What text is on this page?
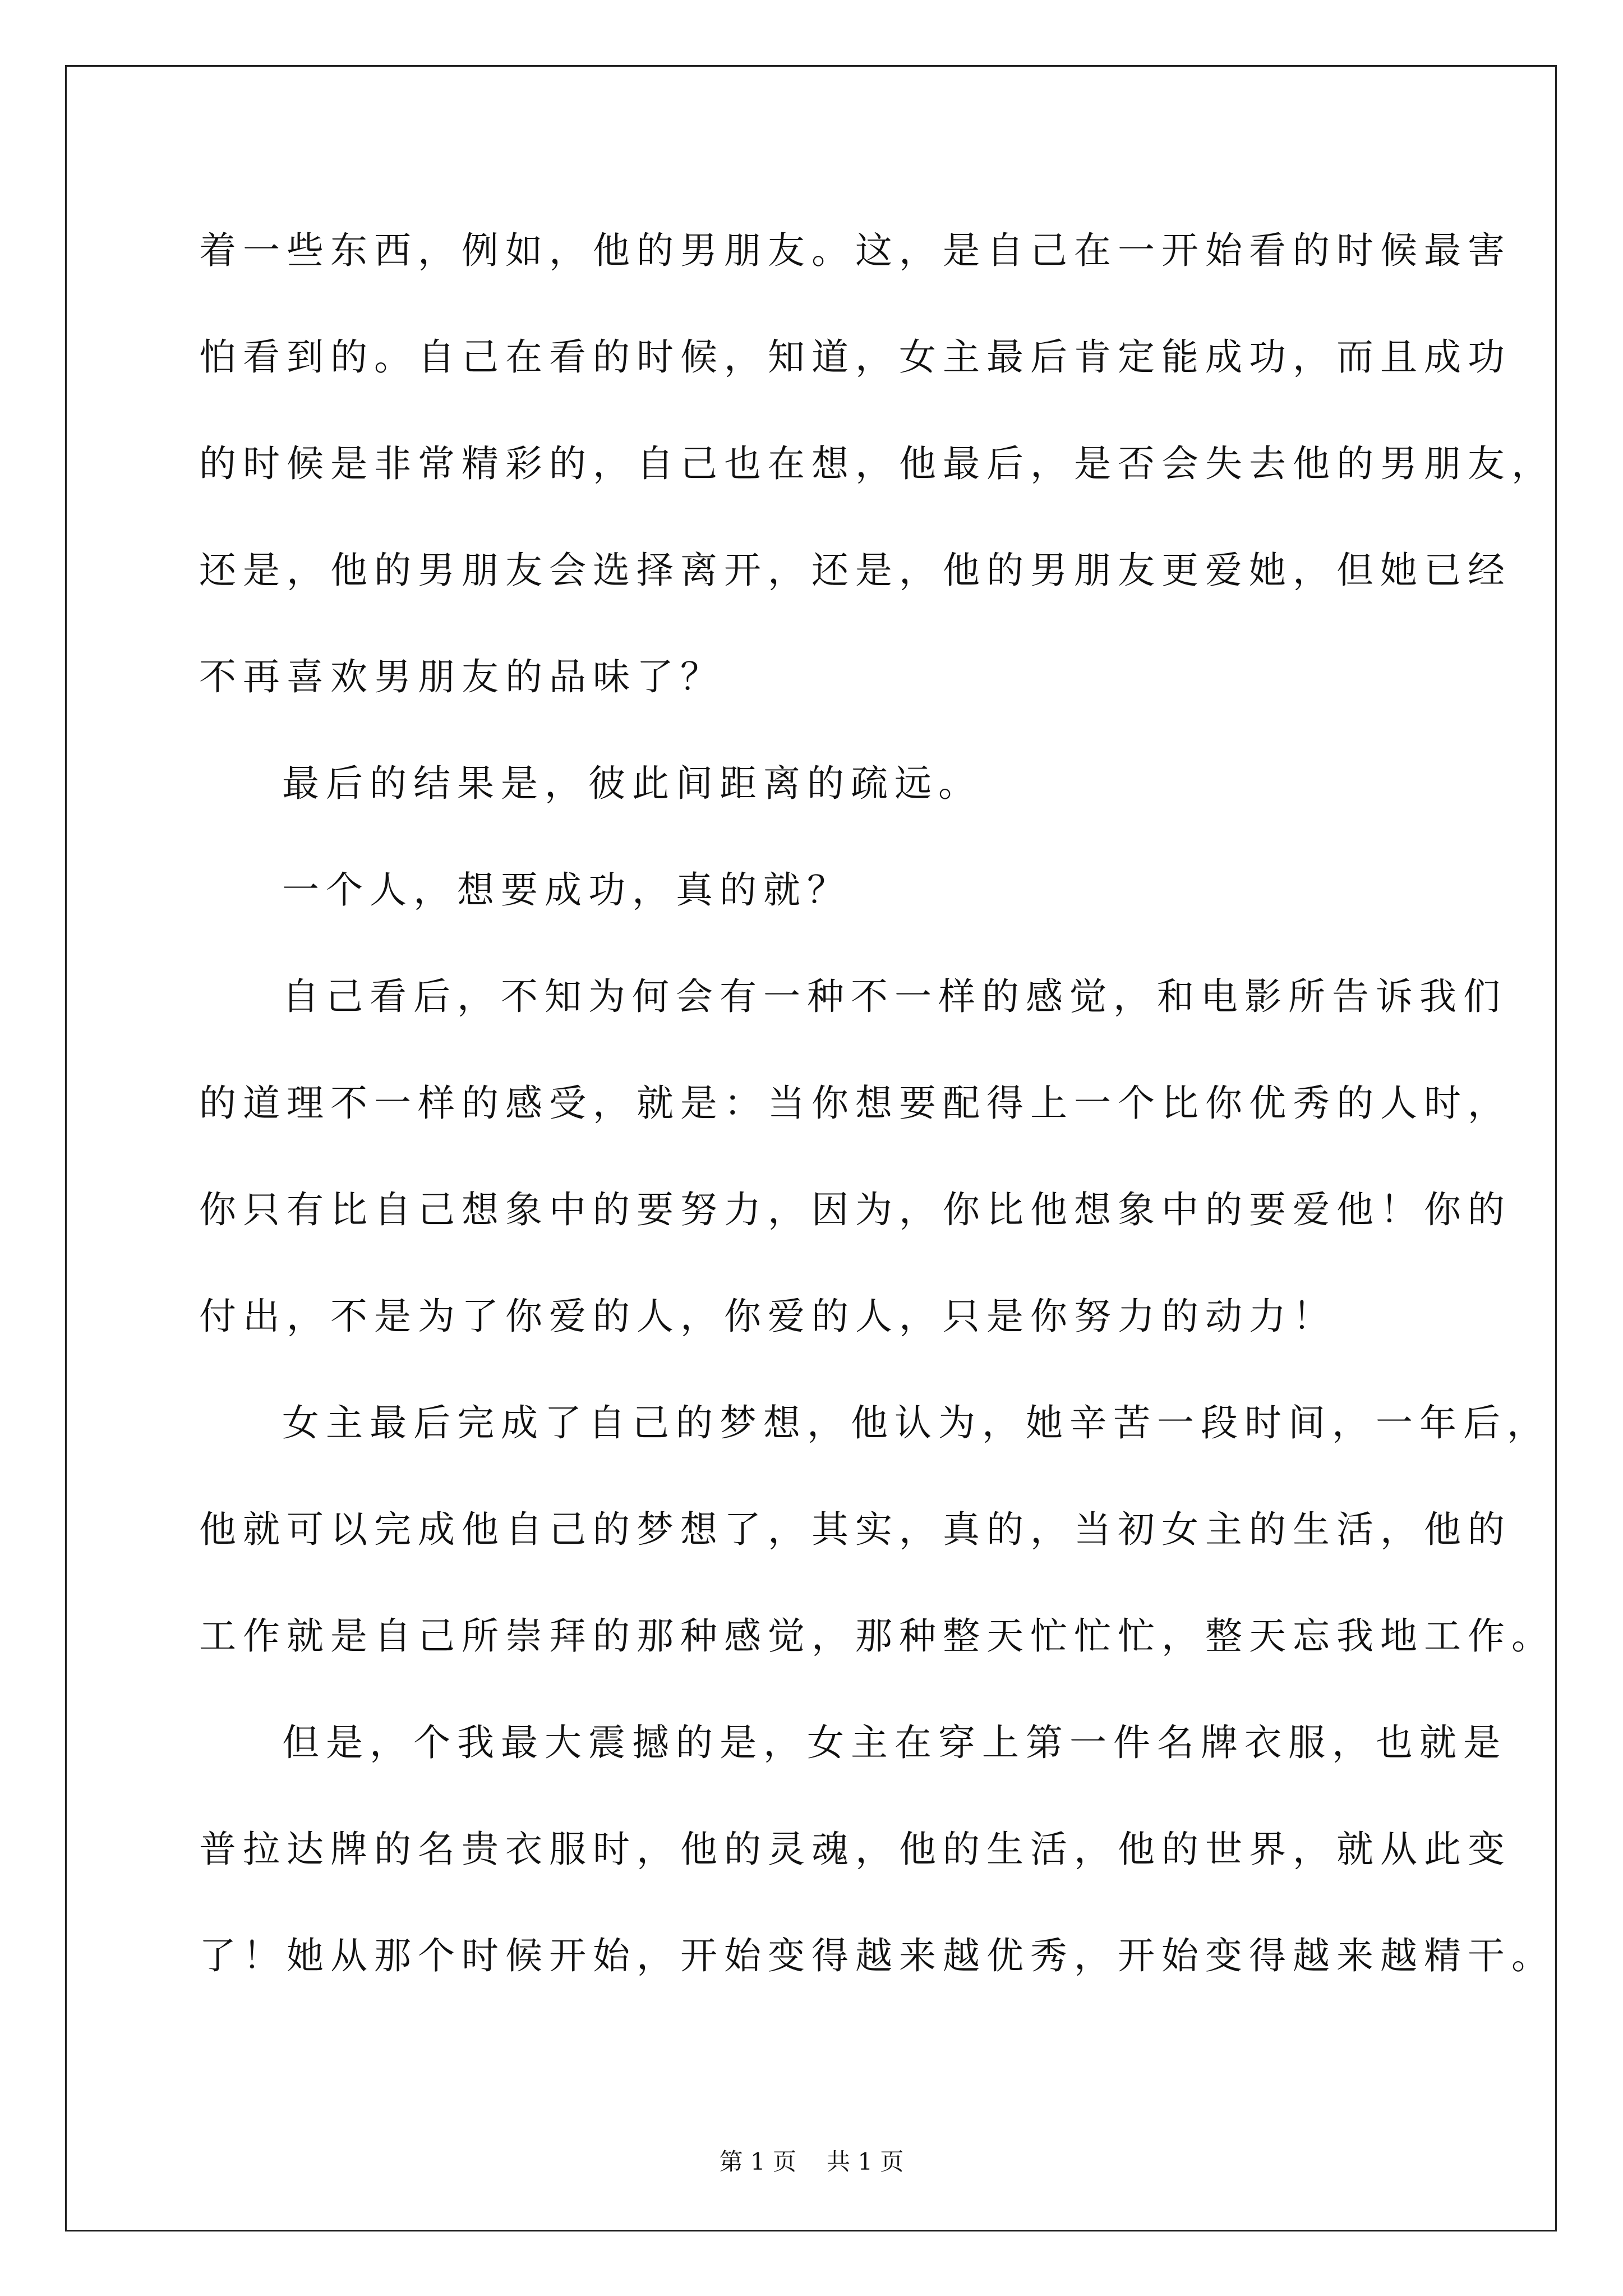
着一些东西，例如，他的男朋友。这，是自己在一开始看的时候最害
怕看到的。自己在看的时候，知道，女主最后肯定能成功，而且成功
的时候是非常精彩的，自己也在想，他最后，是否会失去他的男朋友，
还是，他的男朋友会选择离开，还是，他的男朋友更爱她，但她已经
不再喜欢男朋友的品味了？
最后的结果是，彼此间距离的疏远。
一个人，想要成功，真的就？
自己看后，不知为何会有一种不一样的感觉，和电影所告诉我们
的道理不一样的感受，就是：当你想要配得上一个比你优秀的人时，
你只有比自己想象中的要努力，因为，你比他想象中的要爱他！你的
付出，不是为了你爱的人，你爱的人，只是你努力的动力！
女主最后完成了自己的梦想，他认为，她辛苦一段时间，一年后，
他就可以完成他自己的梦想了，其实，真的，当初女主的生活，他的
工作就是自己所崇拜的那种感觉，那种整天忙忙忙，整天忘我地工作。
但是，个我最大震撼的是，女主在穿上第一件名牌衣服，也就是
普拉达牌的名贵衣服时，他的灵魂，他的生活，他的世界，就从此变
了！她从那个时候开始，开始变得越来越优秀，开始变得越来越精干。
第 1 页 共 1 页
